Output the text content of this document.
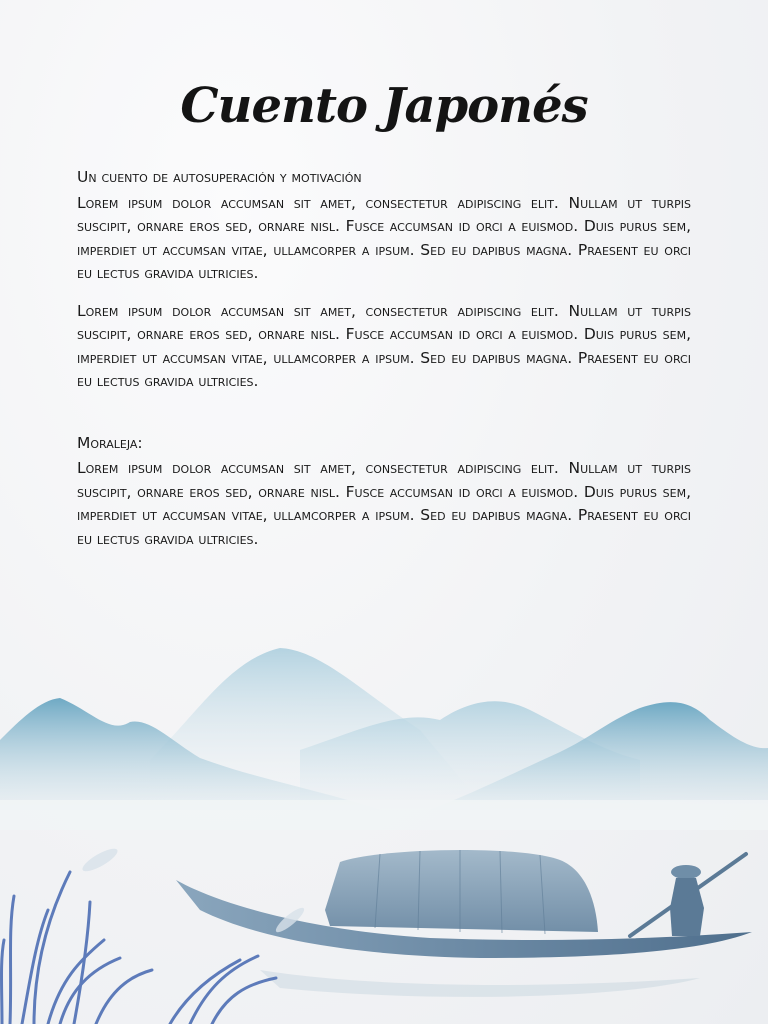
Cuento Japonés

Un cuento de autosuperación y motivación

Lorem ipsum dolor accumsan sit amet, consectetur adipiscing elit. Nullam ut turpis suscipit, ornare eros sed, ornare nisl. Fusce accumsan id orci a euismod. Duis purus sem, imperdiet ut accumsan vitae, ullamcorper a ipsum. Sed eu dapibus magna. Praesent eu orci eu lectus gravida ultricies.

Lorem ipsum dolor accumsan sit amet, consectetur adipiscing elit. Nullam ut turpis suscipit, ornare eros sed, ornare nisl. Fusce accumsan id orci a euismod. Duis purus sem, imperdiet ut accumsan vitae, ullamcorper a ipsum. Sed eu dapibus magna. Praesent eu orci eu lectus gravida ultricies.

Moraleja:

Lorem ipsum dolor accumsan sit amet, consectetur adipiscing elit. Nullam ut turpis suscipit, ornare eros sed, ornare nisl. Fusce accumsan id orci a euismod. Duis purus sem, imperdiet ut accumsan vitae, ullamcorper a ipsum. Sed eu dapibus magna. Praesent eu orci eu lectus gravida ultricies.
